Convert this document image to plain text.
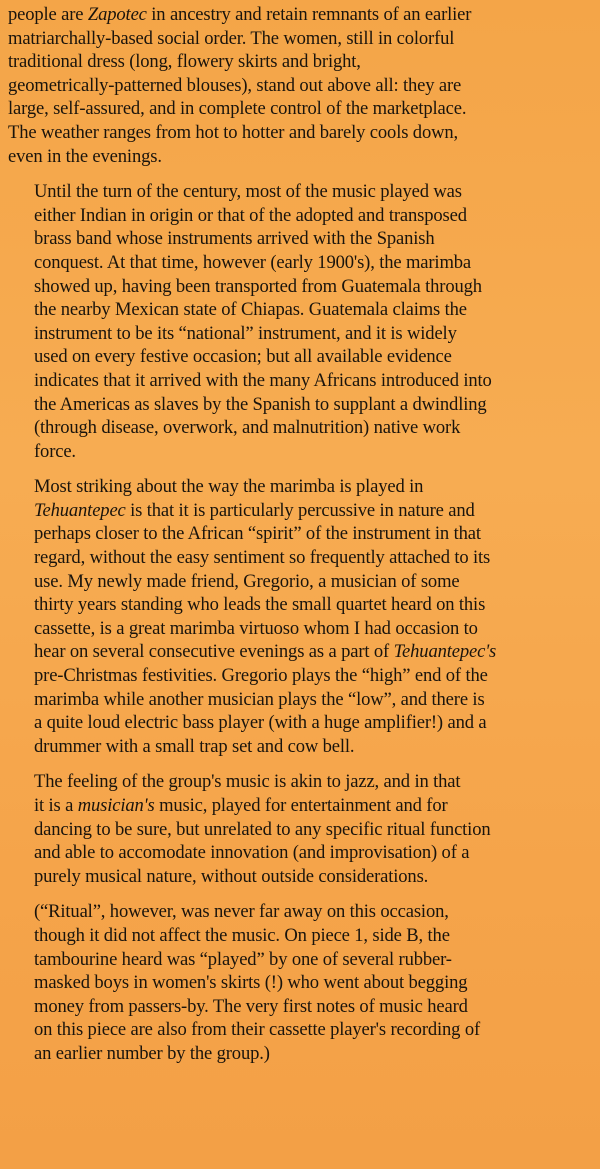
people are Zapotec in ancestry and retain remnants of an earlier
matriarchally-based social order. The women, still in colorful
traditional dress (long, flowery skirts and bright,
geometrically-patterned blouses), stand out above all: they are
large, self-assured, and in complete control of the marketplace.
The weather ranges from hot to hotter and barely cools down,
even in the evenings.

Until the turn of the century, most of the music played was
either Indian in origin or that of the adopted and transposed
brass band whose instruments arrived with the Spanish
conquest. At that time, however (early 1900's), the marimba
showed up, having been transported from Guatemala through
the nearby Mexican state of Chiapas. Guatemala claims the
instrument to be its “national” instrument, and it is widely
used on every festive occasion; but all available evidence
indicates that it arrived with the many Africans introduced into
the Americas as slaves by the Spanish to supplant a dwindling
(through disease, overwork, and malnutrition) native work
force.

Most striking about the way the marimba is played in
Tehuantepec is that it is particularly percussive in nature and
perhaps closer to the African “spirit” of the instrument in that
regard, without the easy sentiment so frequently attached to its
use. My newly made friend, Gregorio, a musician of some
thirty years standing who leads the small quartet heard on this
cassette, is a great marimba virtuoso whom I had occasion to
hear on several consecutive evenings as a part of Tehuantepec's
pre-Christmas festivities. Gregorio plays the “high” end of the
marimba while another musician plays the “low”, and there is
a quite loud electric bass player (with a huge amplifier!) and a
drummer with a small trap set and cow bell.

The feeling of the group's music is akin to jazz, and in that
it is a musician's music, played for entertainment and for
dancing to be sure, but unrelated to any specific ritual function
and able to accomodate innovation (and improvisation) of a
purely musical nature, without outside considerations.

(“Ritual”, however, was never far away on this occasion,
though it did not affect the music. On piece 1, side B, the
tambourine heard was “played” by one of several rubber-
masked boys in women's skirts (!) who went about begging
money from passers-by. The very first notes of music heard
on this piece are also from their cassette player's recording of
an earlier number by the group.)
